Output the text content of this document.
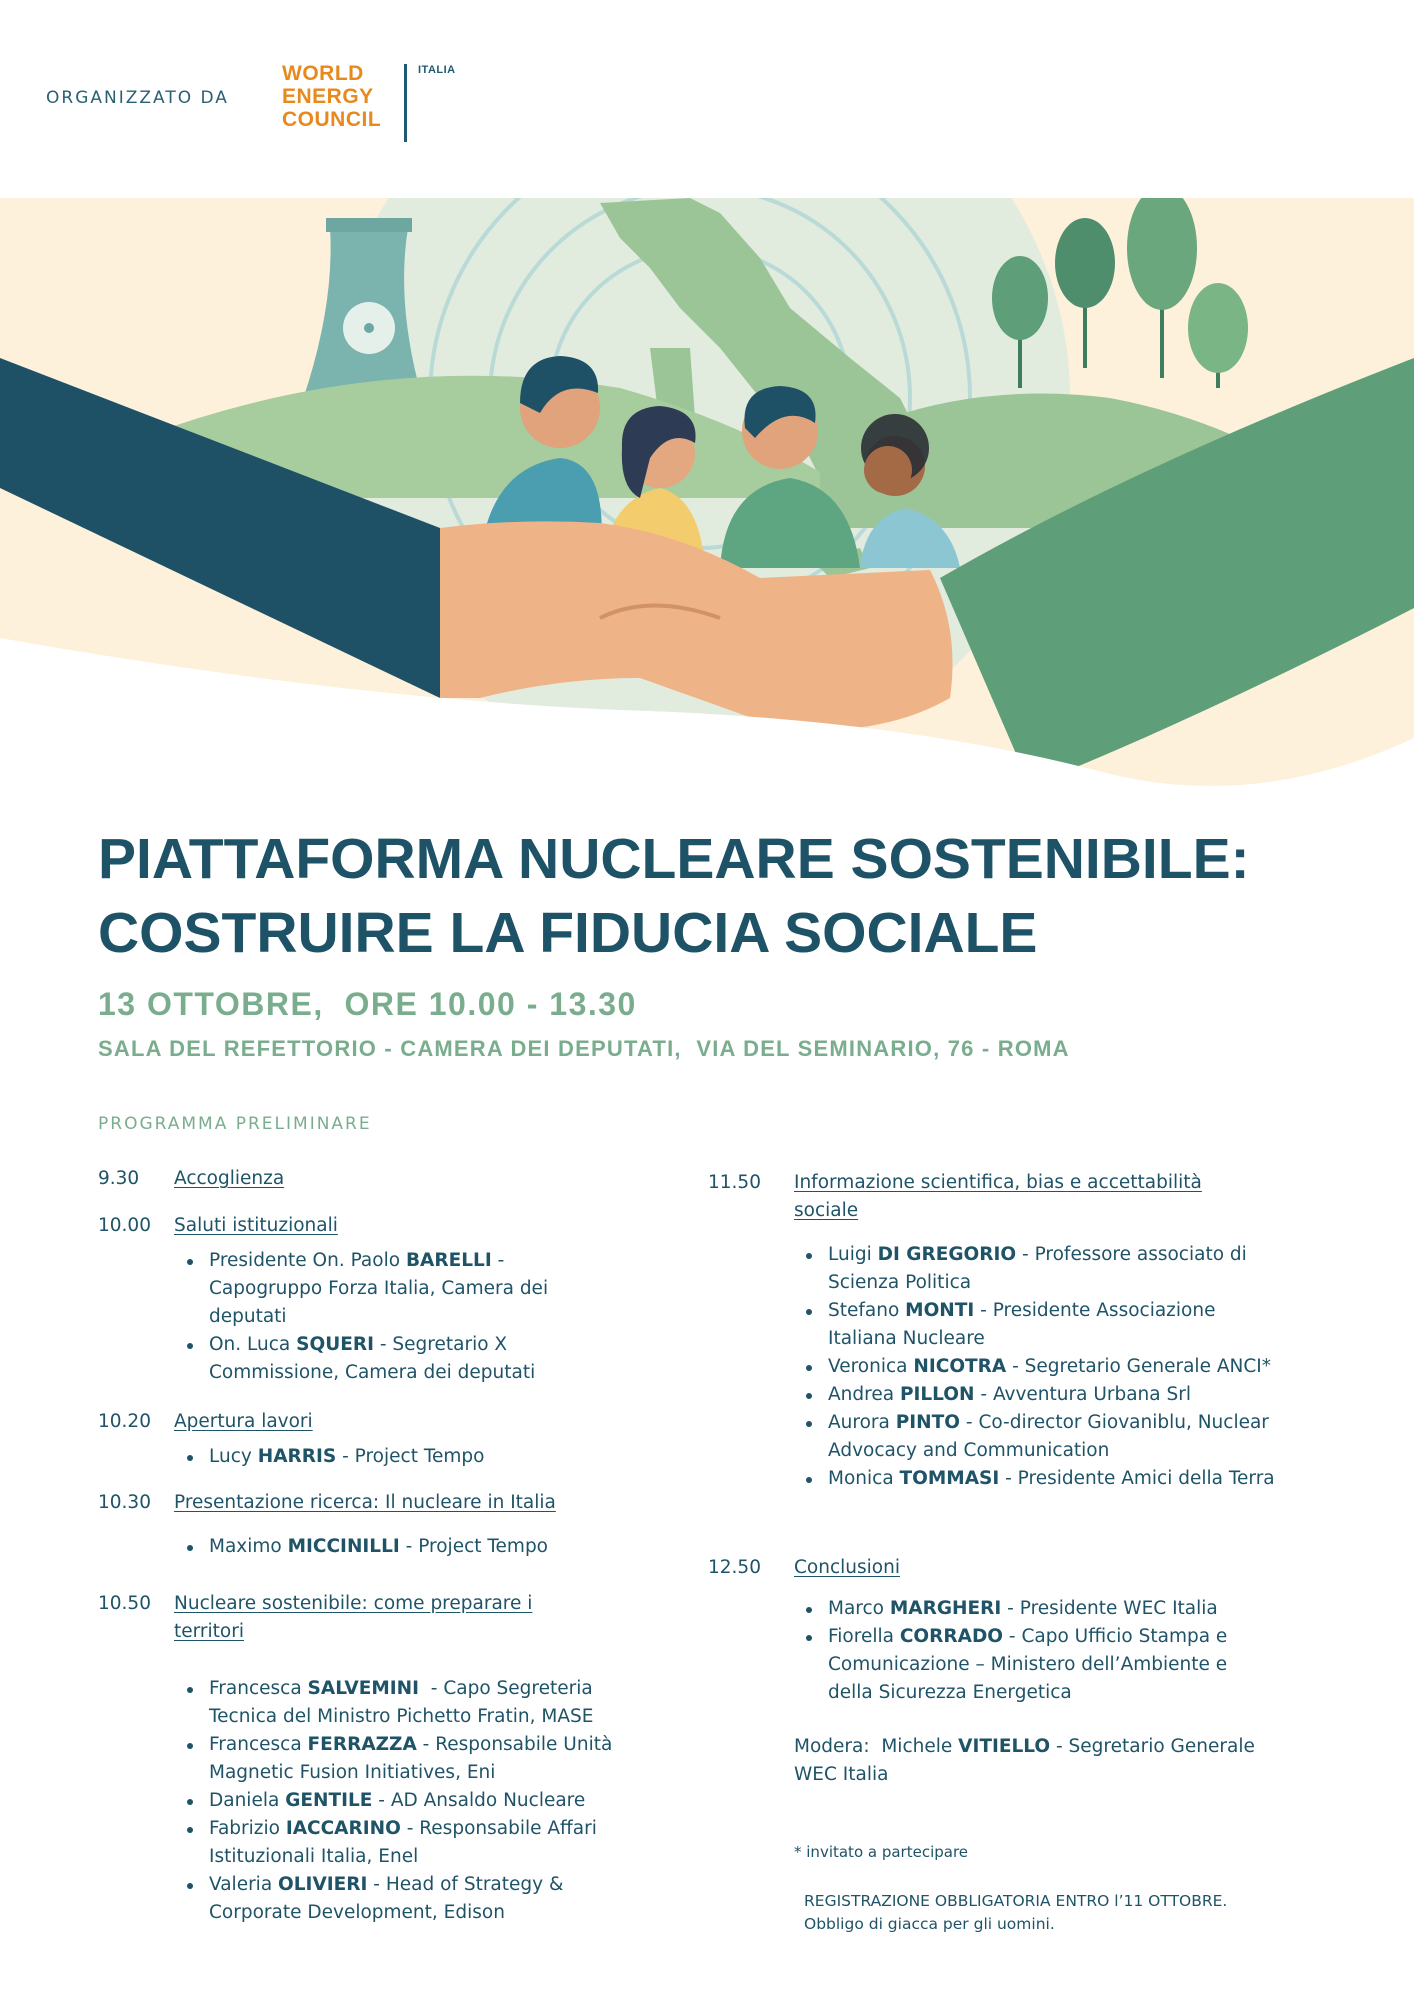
ORGANIZZATO DA
WORLD
ENERGY
COUNCIL
ITALIA
PIATTAFORMA NUCLEARE SOSTENIBILE:
COSTRUIRE LA FIDUCIA SOCIALE
13 OTTOBRE,  ORE 10.00 - 13.30
SALA DEL REFETTORIO - CAMERA DEI DEPUTATI,  VIA DEL SEMINARIO, 76 - ROMA
PROGRAMMA PRELIMINARE
9.30 Accoglienza
10.00 Saluti istituzionali
Presidente On. Paolo BARELLI -
Capogruppo Forza Italia, Camera dei
deputati
On. Luca SQUERI - Segretario X
Commissione, Camera dei deputati
10.20 Apertura lavori
Lucy HARRIS - Project Tempo
10.30 Presentazione ricerca: Il nucleare in Italia
Maximo MICCINILLI - Project Tempo
10.50 Nucleare sostenibile: come preparare i
territori
Francesca SALVEMINI  - Capo Segreteria
Tecnica del Ministro Pichetto Fratin, MASE
Francesca FERRAZZA - Responsabile Unità
Magnetic Fusion Initiatives, Eni
Daniela GENTILE - AD Ansaldo Nucleare
Fabrizio IACCARINO - Responsabile Affari
Istituzionali Italia, Enel
Valeria OLIVIERI - Head of Strategy &
Corporate Development, Edison
11.50 Informazione scientifica, bias e accettabilità
sociale
Luigi DI GREGORIO - Professore associato di
Scienza Politica
Stefano MONTI - Presidente Associazione
Italiana Nucleare
Veronica NICOTRA - Segretario Generale ANCI*
Andrea PILLON - Avventura Urbana Srl
Aurora PINTO - Co-director Giovaniblu, Nuclear
Advocacy and Communication
Monica TOMMASI - Presidente Amici della Terra
12.50 Conclusioni
Marco MARGHERI - Presidente WEC Italia
Fiorella CORRADO - Capo Ufficio Stampa e
Comunicazione – Ministero dell’Ambiente e
della Sicurezza Energetica
Modera:  Michele VITIELLO - Segretario Generale
WEC Italia
* invitato a partecipare
REGISTRAZIONE OBBLIGATORIA ENTRO l’11 OTTOBRE.
Obbligo di giacca per gli uomini.
